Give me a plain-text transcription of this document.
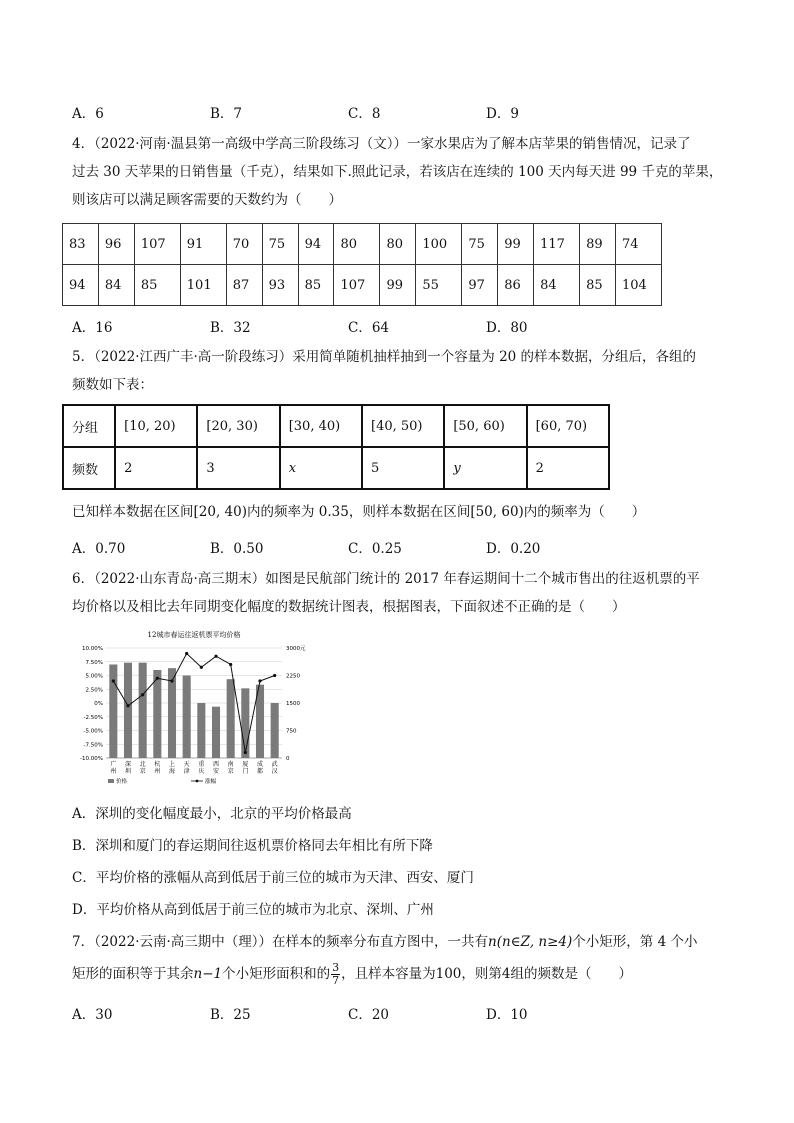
A．6	B．7	C．8	D．9
4．（2022·河南·温县第一高级中学高三阶段练习（文））一家水果店为了解本店苹果的销售情况，记录了
过去 30 天苹果的日销售量（千克），结果如下.照此记录，若该店在连续的 100 天内每天进 99 千克的苹果，
则该店可以满足顾客需要的天数约为（　　）
83	96	107	91	70	75	94	80	80	100	75	99	117	89	74
94	84	85	101	87	93	85	107	99	55	97	86	84	85	104
A．16	B．32	C．64	D．80
5．（2022·江西广丰·高一阶段练习）采用简单随机抽样抽到一个容量为 20 的样本数据，分组后，各组的
频数如下表：
分组	[10, 20)	[20, 30)	[30, 40)	[40, 50)	[50, 60)	[60, 70)
频数	2	3	x	5	y	2
已知样本数据在区间[20, 40)内的频率为 0.35，则样本数据在区间[50, 60)内的频率为（　　）
A．0.70	B．0.50	C．0.25	D．0.20
6．（2022·山东青岛·高三期末）如图是民航部门统计的 2017 年春运期间十二个城市售出的往返机票的平
均价格以及相比去年同期变化幅度的数据统计图表，根据图表，下面叙述不正确的是（　　）
12城市春运往返机票平均价格
10.00%
7.50%
5.00%
2.50%
0%
-2.50%
-5.00%
-7.50%
-10.00%
3000元
2250
1500
750
0
广
州
深
圳
北
京
杭
州
上
海
天
津
重
庆
西
安
南
京
厦
门
成
都
武
汉
价格	涨幅
A．深圳的变化幅度最小，北京的平均价格最高
B．深圳和厦门的春运期间往返机票价格同去年相比有所下降
C．平均价格的涨幅从高到低居于前三位的城市为天津、西安、厦门
D．平均价格从高到低居于前三位的城市为北京、深圳、广州
7．（2022·云南·高三期中（理））在样本的频率分布直方图中，一共有n(n∈Z, n≥4)个小矩形，第 4 个小
矩形的面积等于其余n−1个小矩形面积和的 $\frac{3}{7}$ ，且样本容量为100，则第4组的频数是（　　）
A．30	B．25	C．20	D．10
